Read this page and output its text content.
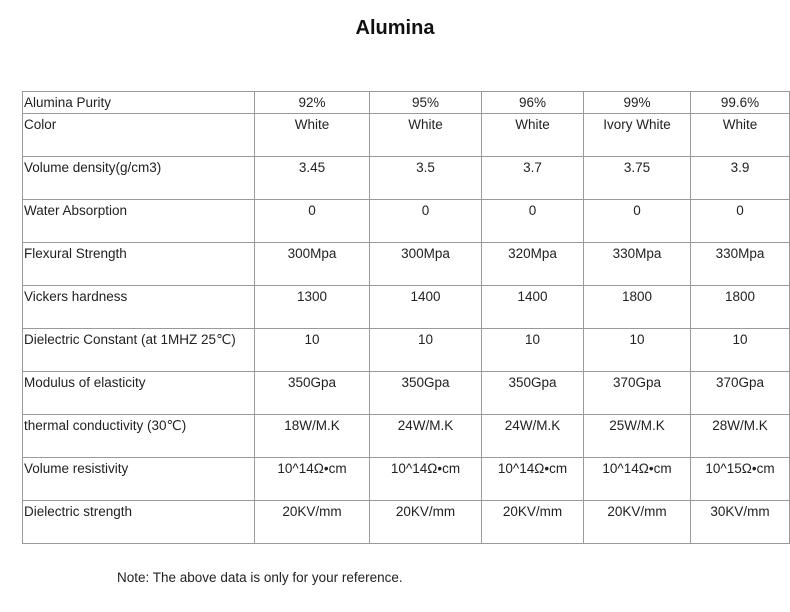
Alumina
Alumina Purity	92%	95%	96%	99%	99.6%

Color	White	White	White	Ivory White	White

Volume density(g/cm3)	3.45	3.5	3.7	3.75	3.9

Water Absorption	0	0	0	0	0

Flexural Strength	300Mpa	300Mpa	320Mpa	330Mpa	330Mpa

Vickers hardness	1300	1400	1400	1800	1800

Dielectric Constant (at 1MHZ 25℃)	10	10	10	10	10

Modulus of elasticity	350Gpa	350Gpa	350Gpa	370Gpa	370Gpa

thermal conductivity (30℃)	18W/M.K	24W/M.K	24W/M.K	25W/M.K	28W/M.K

Volume resistivity	10^14Ω•cm	10^14Ω•cm	10^14Ω•cm	10^14Ω•cm	10^15Ω•cm

Dielectric strength	20KV/mm	20KV/mm	20KV/mm	20KV/mm	30KV/mm
Note: The above data is only for your reference.
